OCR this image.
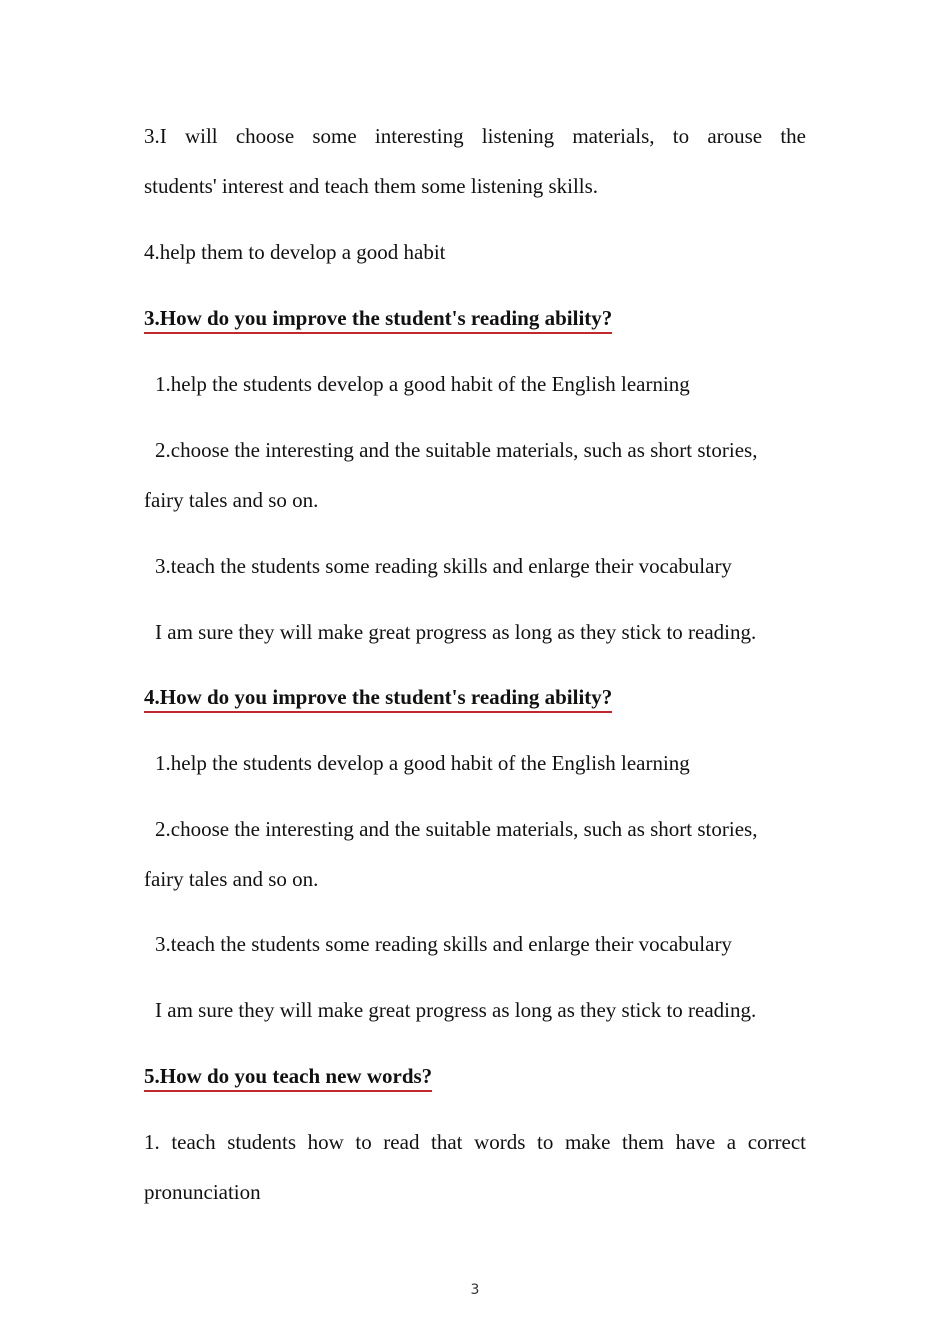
3.I will choose some interesting listening materials, to arouse the
students' interest and teach them some listening skills.
4.help them to develop a good habit
3.How do you improve the student's reading ability?
1.help the students develop a good habit of the English learning
2.choose the interesting and the suitable materials, such as short stories,
fairy tales and so on.
3.teach the students some reading skills and enlarge their vocabulary
I am sure they will make great progress as long as they stick to reading.
4.How do you improve the student's reading ability?
1.help the students develop a good habit of the English learning
2.choose the interesting and the suitable materials, such as short stories,
fairy tales and so on.
3.teach the students some reading skills and enlarge their vocabulary
I am sure they will make great progress as long as they stick to reading.
5.How do you teach new words?
1. teach students how to read that words to make them have a correct
pronunciation
3
